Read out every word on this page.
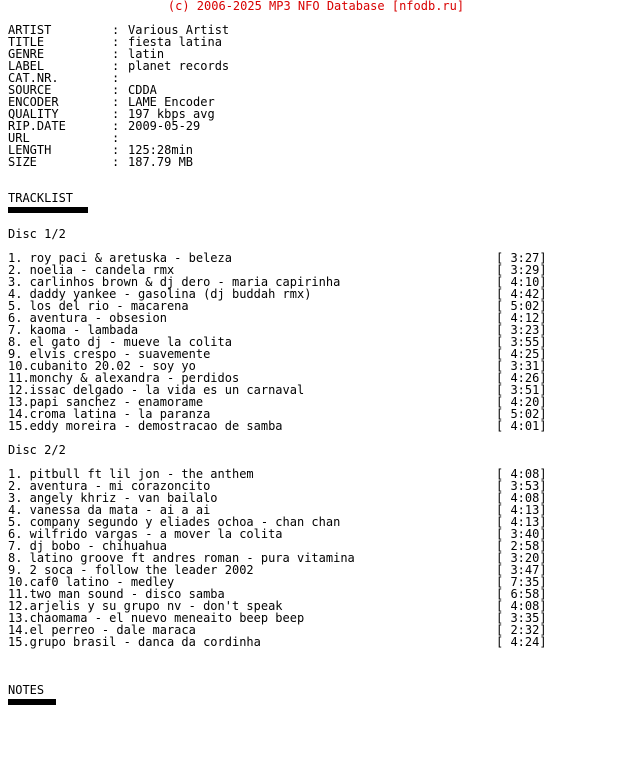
(c) 2006-2025 MP3 NFO Database [nfodb.ru]
ARTIST	: Various Artist
TITLE	: fiesta latina
GENRE	: latin
LABEL	: planet records
CAT.NR.	:
SOURCE	: CDDA
ENCODER	: LAME Encoder
QUALITY	: 197 kbps avg
RIP.DATE	: 2009-05-29
URL	:
LENGTH	: 125:28min
SIZE	: 187.79 MB
TRACKLIST
Disc 1/2
1. roy paci & aretuska - beleza	[ 3:27]
2. noelia - candela rmx	[ 3:29]
3. carlinhos brown & dj dero - maria capirinha	[ 4:10]
4. daddy yankee - gasolina (dj buddah rmx)	[ 4:42]
5. los del rio - macarena	[ 5:02]
6. aventura - obsesion	[ 4:12]
7. kaoma - lambada	[ 3:23]
8. el gato dj - mueve la colita	[ 3:55]
9. elvis crespo - suavemente	[ 4:25]
10.cubanito 20.02 - soy yo	[ 3:31]
11.monchy & alexandra - perdidos	[ 4:26]
12.issac delgado - la vida es un carnaval	[ 3:51]
13.papi sanchez - enamorame	[ 4:20]
14.croma latina - la paranza	[ 5:02]
15.eddy moreira - demostracao de samba	[ 4:01]
Disc 2/2
1. pitbull ft lil jon - the anthem	[ 4:08]
2. aventura - mi corazoncito	[ 3:53]
3. angely khriz - van bailalo	[ 4:08]
4. vanessa da mata - ai a ai	[ 4:13]
5. company segundo y eliades ochoa - chan chan	[ 4:13]
6. wilfrido vargas - a mover la colita	[ 3:40]
7. dj bobo - chihuahua	[ 2:58]
8. latino groove ft andres roman - pura vitamina	[ 3:20]
9. 2 soca - follow the leader 2002	[ 3:47]
10.caf0 latino - medley	[ 7:35]
11.two man sound - disco samba	[ 6:58]
12.arjelis y su grupo nv - don't speak	[ 4:08]
13.chaomama - el nuevo meneaito beep beep	[ 3:35]
14.el perreo - dale maraca	[ 2:32]
15.grupo brasil - danca da cordinha	[ 4:24]
NOTES
